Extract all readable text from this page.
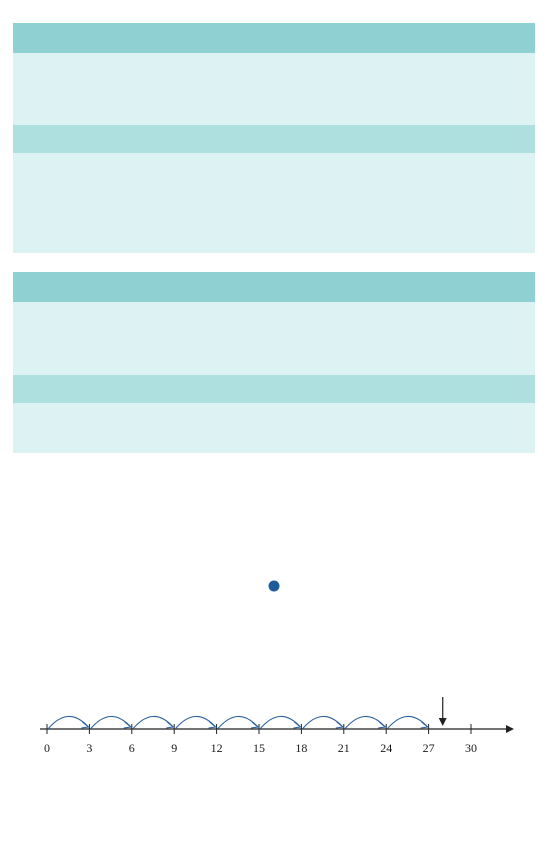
0	3	6	9	12	15	18	21	24	27	30
